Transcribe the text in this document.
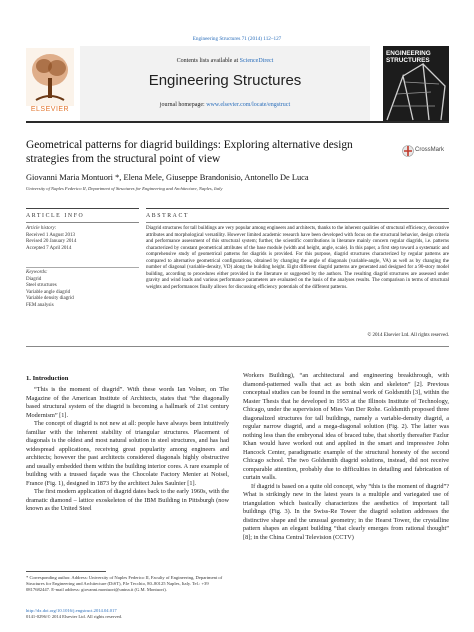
Engineering Structures 71 (2014) 112–127
Contents lists available at ScienceDirect
Engineering Structures
journal homepage: www.elsevier.com/locate/engstruct
ELSEVIER
ENGINEERING STRUCTURES
Geometrical patterns for diagrid buildings: Exploring alternative design strategies from the structural point of view
CrossMark
Giovanni Maria Montuori *, Elena Mele, Giuseppe Brandonisio, Antonello De Luca
University of Naples Federico II, Department of Structures for Engineering and Architecture, Naples, Italy
ARTICLE INFO	ABSTRACT
Article history:
Received 1 August 2013
Revised 20 January 2014
Accepted 7 April 2014
Keywords:
Diagrid
Steel structures
Variable angle diagrid
Variable density diagrid
FEM analysis
Diagrid structures for tall buildings are very popular among engineers and architects, thanks to the inherent qualities of structural efficiency, decorative attributes and morphological versatility. However limited academic research have been developed with focus on the structural behavior, design criteria and performance assessment of this structural system; further, the scientific contributions in literature mainly concern regular diagrids, i.e. patterns characterized by constant geometrical attributes of the base module (width and height, angle, scale). In this paper, a first step toward a systematic and comprehensive study of geometrical patterns for diagrids is provided. For this purpose, diagrid structures characterized by regular patterns are compared to alternative geometrical configurations, obtained by changing the angle of diagonals (variable-angle, VA) as well as by changing the number of diagonal (variable-density, VD) along the building height. Eight different diagrid patterns are generated and designed for a 90-story model building, according to procedures either provided in the literature or suggested by the authors. The resulting diagrid structures are assessed under gravity and wind loads and various performance parameters are evaluated on the basis of the analyses results. The comparison in terms of structural weights and performances finally allows for discussing efficiency potentials of the different patterns.
© 2014 Elsevier Ltd. All rights reserved.
1. Introduction

“This is the moment of diagrid”. With these words Ian Volner, on The Magazine of the American Institute of Architects, states that “the diagonally based structural system of the diagrid is becoming a hallmark of 21st century Modernism” [1].

The concept of diagrid is not new at all: people have always been intuitively familiar with the inherent stability of triangular structures. Placement of diagonals is the oldest and most natural solution in steel structures, and has had widespread applications, receiving great popularity among engineers and architects; however the past architects considered diagonals highly obstructive and usually embedded them within the building interior cores. A rare example of building with a trussed façade was the Chocolate Factory Menier at Noisel, France (Fig. 1), designed in 1873 by the architect Jules Saulnier [1].

The first modern application of diagrid dates back to the early 1960s, with the dramatic diamond – lattice exoskeleton of the IBM Building in Pittsburgh (now known as the United Steel

Workers Building), “an architectural and engineering breakthrough, with diamond-patterned walls that act as both skin and skeleton” [2]. Previous conceptual studies can be found in the seminal work of Goldsmith [3], within the Master Thesis that he developed in 1953 at the Illinois Institute of Technology, Chicago, under the supervision of Mies Van Der Rohe. Goldsmith proposed three diagonalized structures for tall buildings, namely a variable-density diagrid, a regular narrow diagrid, and a mega-diagonal solution (Fig. 2). The latter was nothing less than the embryonal idea of braced tube, that shortly thereafter Fazlur Khan would have worked out and applied in the smart and impressive John Hancock Center, paradigmatic example of the structural honesty of the second Chicago school. The two Goldsmith diagrid solutions, instead, did not receive comparable attention, probably due to difficulties in detailing and fabrication of curtain walls.

If diagrid is based on a quite old concept, why “this is the moment of diagrid”? What is strikingly new in the latest years is a multiple and variegated use of triangulation which basically characterizes the aesthetics of important tall buildings (Fig. 3). In the Swiss-Re Tower the diagrid solution addresses the distinctive shape and the unusual geometry; in the Hearst Tower, the crystalline pattern shapes an elegant building “that clearly emerges from rational thought” [8]; in the China Central Television (CCTV)

* Corresponding author. Address: University of Naples Federico II, Faculty of Engineering, Department of Structures for Engineering and Architecture (DiST), P.le Tecchio, 80–80125 Naples, Italy. Tel.: +39 0817682447. E-mail address: giovanni.montuori@unina.it (G.M. Montuori).
http://dx.doi.org/10.1016/j.engstruct.2014.04.017
0141-0296/© 2014 Elsevier Ltd. All rights reserved.
